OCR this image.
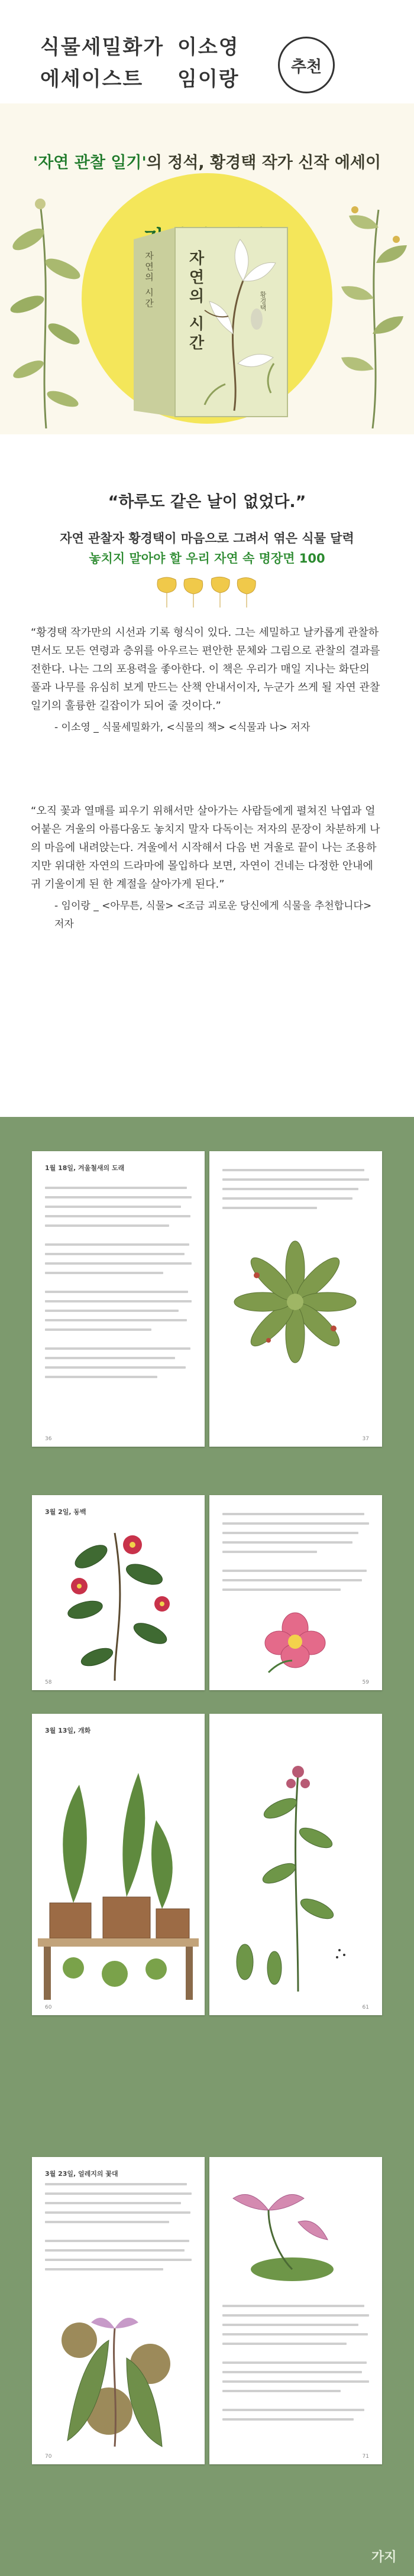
식물세밀화가 이소영
에세이스트 임이랑
추천
'자연 관찰 일기'의 정석, 황경택 작가 신작 에세이
자연의 시간 자연의 시간	황경택
“하루도 같은 날이 없었다.”
자연 관찰자 황경택이 마음으로 그려서 엮은 식물 달력
놓치지 말아야 할 우리 자연 속 명장면 100

“황경택 작가만의 시선과 기록 형식이 있다. 그는 세밀하고 날카롭게 관찰하면서도 모든 연령과 층위를 아우르는 편안한 문체와 그림으로 관찰의 결과를 전한다. 나는 그의 포용력을 좋아한다. 이 책은 우리가 매일 지나는 화단의 풀과 나무를 유심히 보게 만드는 산책 안내서이자, 누군가 쓰게 될 자연 관찰 일기의 훌륭한 길잡이가 되어 줄 것이다.”

- 이소영 _ 식물세밀화가, <식물의 책> <식물과 나> 저자

“오직 꽃과 열매를 피우기 위해서만 살아가는 사람들에게 펼쳐진 낙엽과 얼어붙은 겨울의 아름다움도 놓치지 말자 다독이는 저자의 문장이 차분하게 나의 마음에 내려앉는다. 겨울에서 시작해서 다음 번 겨울로 끝이 나는 조용하지만 위대한 자연의 드라마에 몰입하다 보면, 자연이 건네는 다정한 안내에 귀 기울이게 된 한 계절을 살아가게 된다.”

- 임이랑 _ <아무튼, 식물> <조금 괴로운 당신에게 식물을 추천합니다> 저자

1월 18일, 겨울철새의 도래
36	37
3월 2일, 동백
58	59
3월 13일, 개화
60	61
3월 23일, 얼레지의 꽃대
70	71
가지
